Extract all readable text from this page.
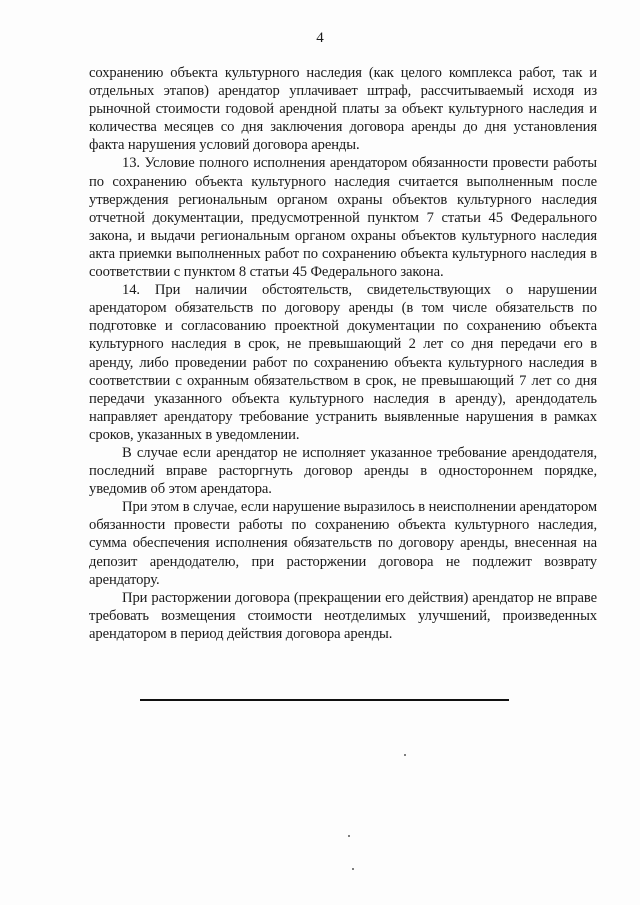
4

сохранению объекта культурного наследия (как целого комплекса работ, так и отдельных этапов) арендатор уплачивает штраф, рассчитываемый исходя из рыночной стоимости годовой арендной платы за объект культурного наследия и количества месяцев со дня заключения договора аренды до дня установления факта нарушения условий договора аренды.

13. Условие полного исполнения арендатором обязанности провести работы по сохранению объекта культурного наследия считается выполненным после утверждения региональным органом охраны объектов культурного наследия отчетной документации, предусмотренной пунктом 7 статьи 45 Федерального закона, и выдачи региональным органом охраны объектов культурного наследия акта приемки выполненных работ по сохранению объекта культурного наследия в соответствии с пунктом 8 статьи 45 Федерального закона.

14. При наличии обстоятельств, свидетельствующих о нарушении арендатором обязательств по договору аренды (в том числе обязательств по подготовке и согласованию проектной документации по сохранению объекта культурного наследия в срок, не превышающий 2 лет со дня передачи его в аренду, либо проведении работ по сохранению объекта культурного наследия в соответствии с охранным обязательством в срок, не превышающий 7 лет со дня передачи указанного объекта культурного наследия в аренду), арендодатель направляет арендатору требование устранить выявленные нарушения в рамках сроков, указанных в уведомлении.

В случае если арендатор не исполняет указанное требование арендодателя, последний вправе расторгнуть договор аренды в одностороннем порядке, уведомив об этом арендатора.

При этом в случае, если нарушение выразилось в неисполнении арендатором обязанности провести работы по сохранению объекта культурного наследия, сумма обеспечения исполнения обязательств по договору аренды, внесенная на депозит арендодателю, при расторжении договора не подлежит возврату арендатору.

При расторжении договора (прекращении его действия) арендатор не вправе требовать возмещения стоимости неотделимых улучшений, произведенных арендатором в период действия договора аренды.
